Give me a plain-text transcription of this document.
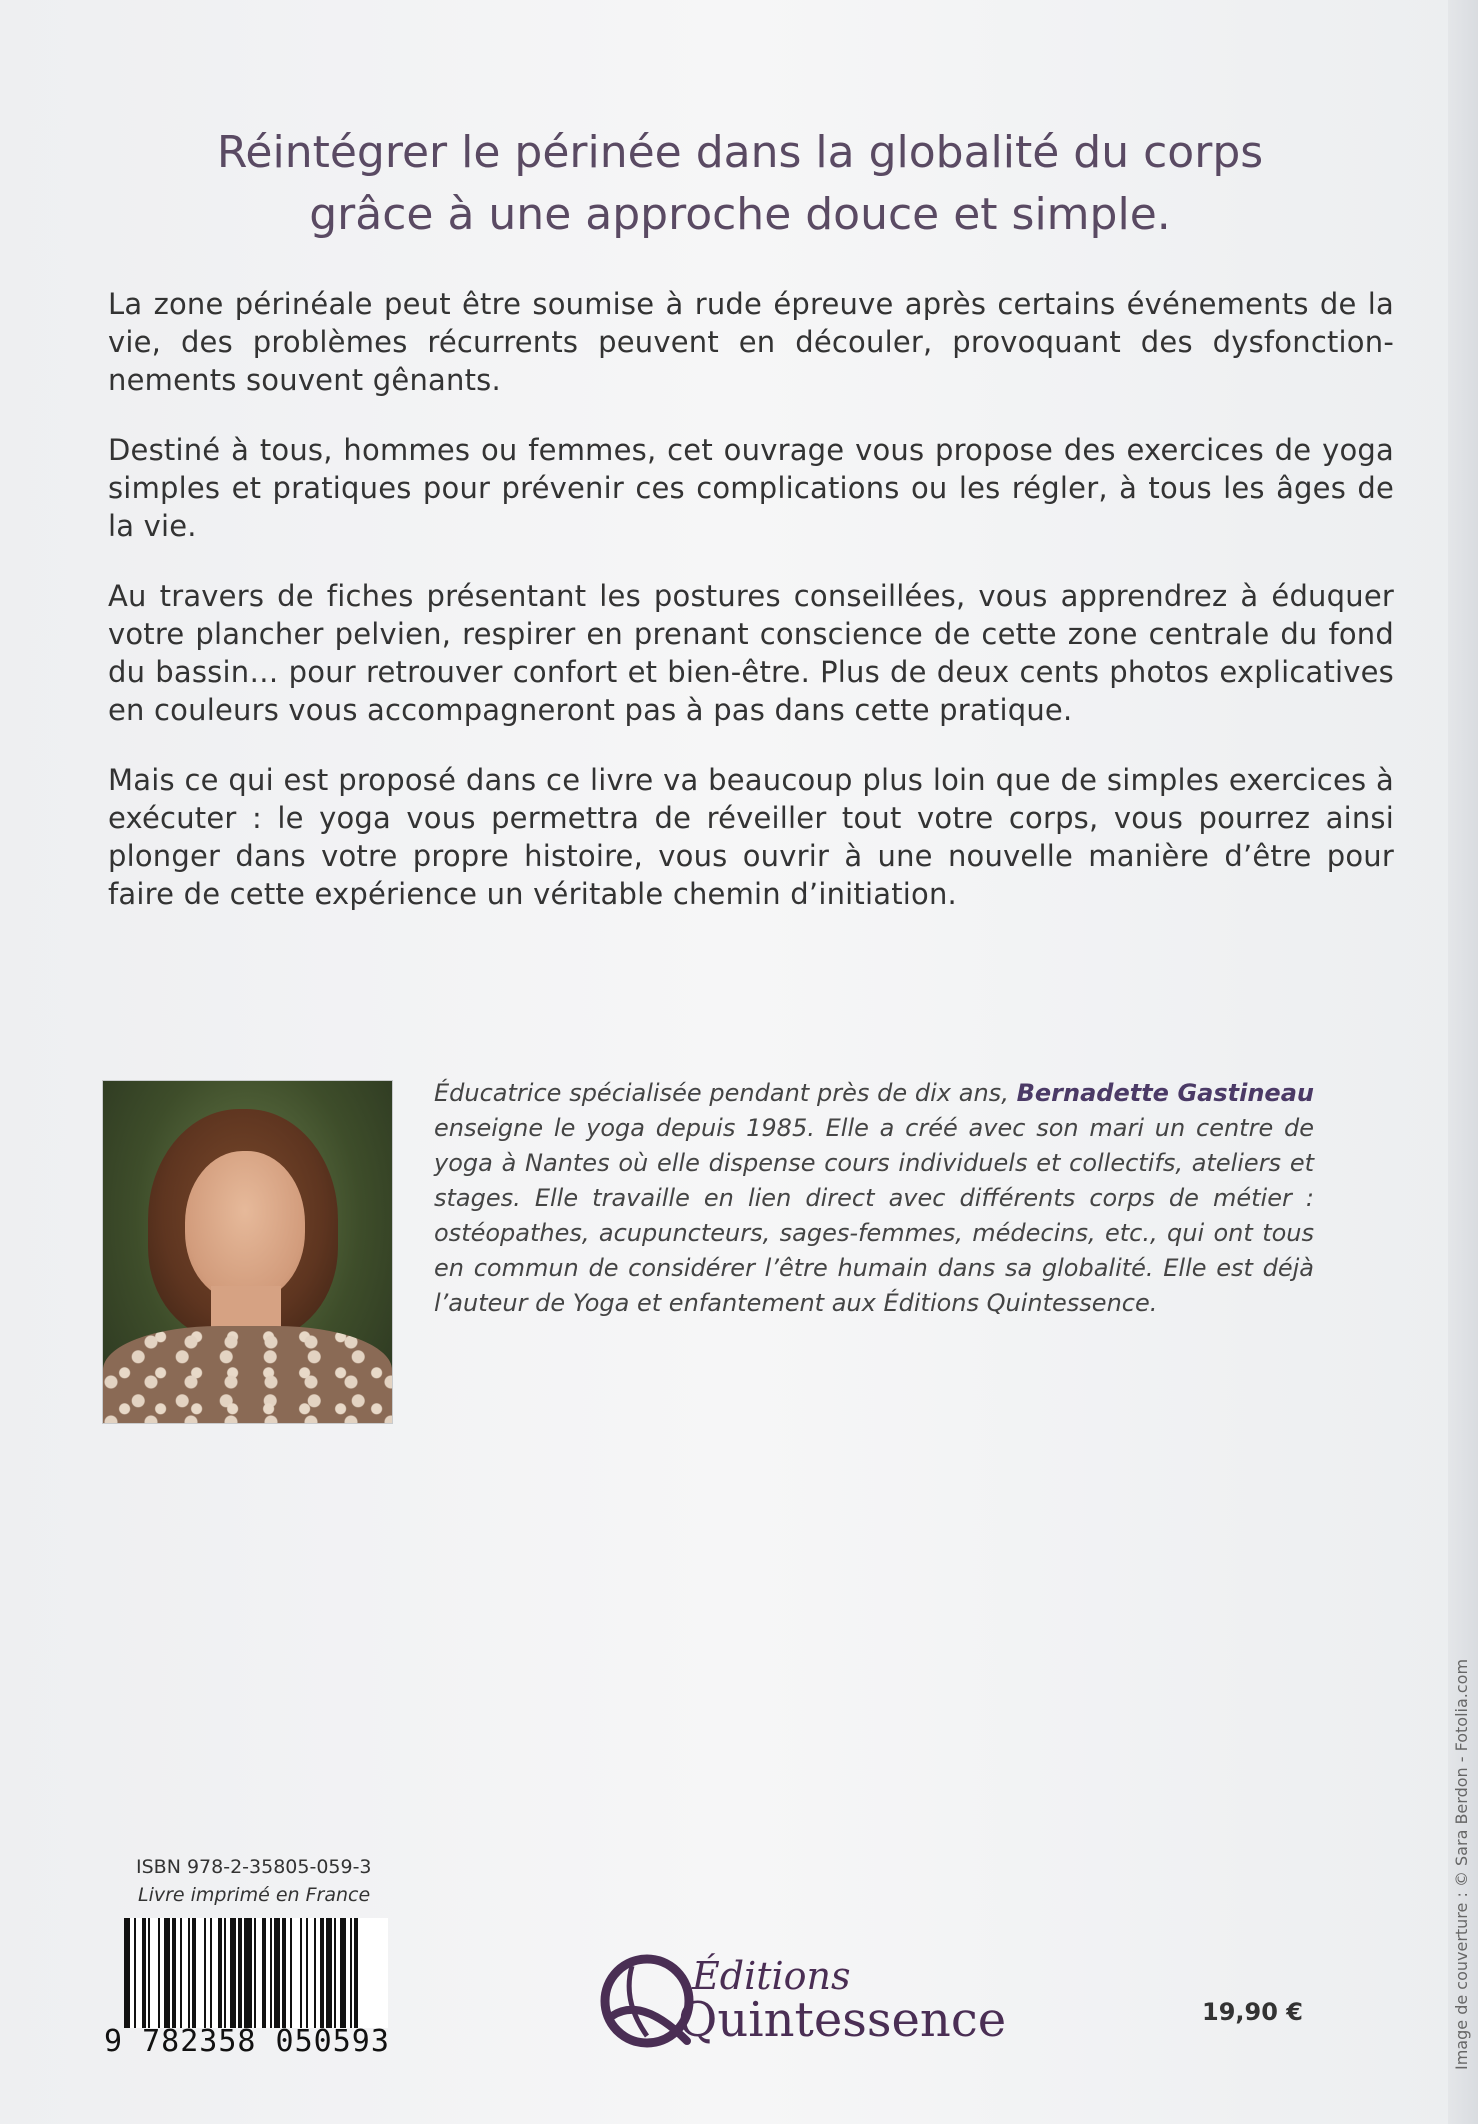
Réintégrer le périnée dans la globalité du corps
grâce à une approche douce et simple.

La zone périnéale peut être soumise à rude épreuve après certains événements de la vie, des problèmes récurrents peuvent en découler, provoquant des dysfonction-nements souvent gênants.

Destiné à tous, hommes ou femmes, cet ouvrage vous propose des exercices de yoga simples et pratiques pour prévenir ces complications ou les régler, à tous les âges de la vie.

Au travers de fiches présentant les postures conseillées, vous apprendrez à éduquer votre plancher pelvien, respirer en prenant conscience de cette zone centrale du fond du bassin… pour retrouver confort et bien-être. Plus de deux cents photos explicatives en couleurs vous accompagneront pas à pas dans cette pratique.

Mais ce qui est proposé dans ce livre va beaucoup plus loin que de simples exercices à exécuter : le yoga vous permettra de réveiller tout votre corps, vous pourrez ainsi plonger dans votre propre histoire, vous ouvrir à une nouvelle manière d’être pour faire de cette expérience un véritable chemin d’initiation.

Éducatrice spécialisée pendant près de dix ans, Bernadette Gastineau enseigne le yoga depuis 1985. Elle a créé avec son mari un centre de yoga à Nantes où elle dispense cours individuels et collectifs, ateliers et stages. Elle travaille en lien direct avec différents corps de métier : ostéopathes, acupuncteurs, sages-femmes, médecins, etc., qui ont tous en commun de considérer l’être humain dans sa globalité. Elle est déjà l’auteur de Yoga et enfantement aux Éditions Quintessence.

Image de couverture : © Sara Berdon - Fotolia.com

ISBN 978-2-35805-059-3

Livre imprimé en France

9 782358 050593

Éditions

Quintessence	19,90 €
